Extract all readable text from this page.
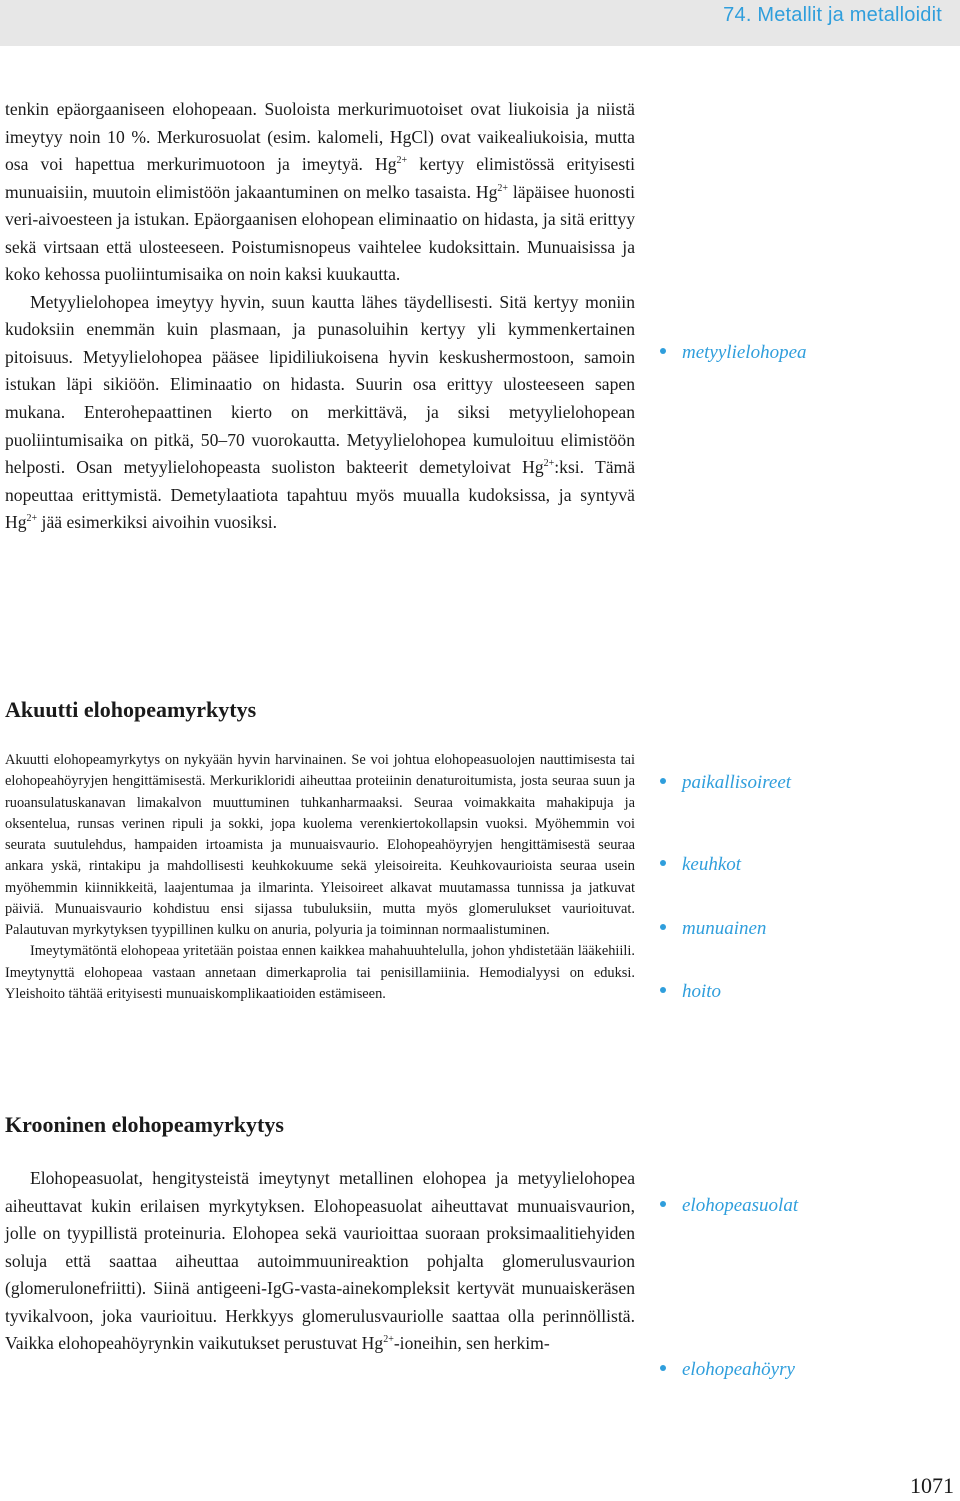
74. Metallit ja metalloidit

tenkin epäorgaaniseen elohopeaan. Suoloista merkurimuotoiset ovat liukoisia ja niistä imeytyy noin 10 %. Merkurosuolat (esim. kalomeli, HgCl) ovat vaikealiukoisia, mutta osa voi hapettua merkurimuotoon ja imeytyä. $Hg^{2+}$ kertyy elimistössä erityisesti munuaisiin, muutoin elimistöön jakaantuminen on melko tasaista. $Hg^{2+}$ läpäisee huonosti veri-aivoesteen ja istukan. Epäorgaanisen elohopean eliminaatio on hidasta, ja sitä erittyy sekä virtsaan että ulosteeseen. Poistumisnopeus vaihtelee kudoksittain. Munuaisissa ja koko kehossa puoliintumisaika on noin kaksi kuukautta.

Metyylielohopea imeytyy hyvin, suun kautta lähes täydellisesti. Sitä kertyy moniin kudoksiin enemmän kuin plasmaan, ja punasoluihin kertyy yli kymmenkertainen pitoisuus. Metyylielohopea pääsee lipidiliukoisena hyvin keskushermostoon, samoin istukan läpi sikiöön. Eliminaatio on hidasta. Suurin osa erittyy ulosteeseen sapen mukana. Enterohepaattinen kierto on merkittävä, ja siksi metyylielohopean puoliintumisaika on pitkä, 50–70 vuorokautta. Metyylielohopea kumuloituu elimistöön helposti. Osan metyylielohopeasta suoliston bakteerit demetyloivat $Hg^{2+}:ksi$. Tämä nopeuttaa erittymistä. Demetylaatiota tapahtuu myös muualla kudoksissa, ja syntyvä $Hg^{2+}$ jää esimerkiksi aivoihin vuosiksi.

Akuutti elohopeamyrkytys

Akuutti elohopeamyrkytys on nykyään hyvin harvinainen. Se voi johtua elohopeasuolojen nauttimisesta tai elohopeahöyryjen hengittämisestä. Merkurikloridi aiheuttaa proteiinin denaturoitumista, josta seuraa suun ja ruoansulatuskanavan limakalvon muuttuminen tuhkanharmaaksi. Seuraa voimakkaita mahakipuja ja oksentelua, runsas verinen ripuli ja sokki, jopa kuolema verenkiertokollapsin vuoksi. Myöhemmin voi seurata suutulehdus, hampaiden irtoamista ja munuaisvaurio. Elohopeahöyryjen hengittämisestä seuraa ankara yskä, rintakipu ja mahdollisesti keuhkokuume sekä yleisoireita. Keuhkovaurioista seuraa usein myöhemmin kiinnikkeitä, laajentumaa ja ilmarinta. Yleisoireet alkavat muutamassa tunnissa ja jatkuvat päiviä. Munuaisvaurio kohdistuu ensi sijassa tubuluksiin, mutta myös glomerulukset vaurioituvat. Palautuvan myrkytyksen tyypillinen kulku on anuria, polyuria ja toiminnan normaalistuminen.

Imeytymätöntä elohopeaa yritetään poistaa ennen kaikkea mahahuuhtelulla, johon yhdistetään lääkehiili. Imeytynyttä elohopeaa vastaan annetaan dimerkaprolia tai penisillamiinia. Hemodialyysi on eduksi. Yleishoito tähtää erityisesti munuaiskomplikaatioiden estämiseen.

Krooninen elohopeamyrkytys

Elohopeasuolat, hengitysteistä imeytynyt metallinen elohopea ja metyylielohopea aiheuttavat kukin erilaisen myrkytyksen. Elohopeasuolat aiheuttavat munuaisvaurion, jolle on tyypillistä proteinuria. Elohopea sekä vaurioittaa suoraan proksimaalitiehyiden soluja että saattaa aiheuttaa autoimmuunireaktion pohjalta glomerulusvaurion (glomerulonefriitti). Siinä antigeeni-IgG-vasta-ainekompleksit kertyvät munuaiskeräsen tyvikalvoon, joka vaurioituu. Herkkyys glomerulusvauriolle saattaa olla perinnöllistä. Vaikka elohopeahöyrynkin vaikutukset perustuvat $Hg^{2+}$-ioneihin, sen herkim-

metyylielohopea
paikallisoireet
keuhkot
munuainen
hoito
elohopeasuolat
elohopeahöyry
1071
